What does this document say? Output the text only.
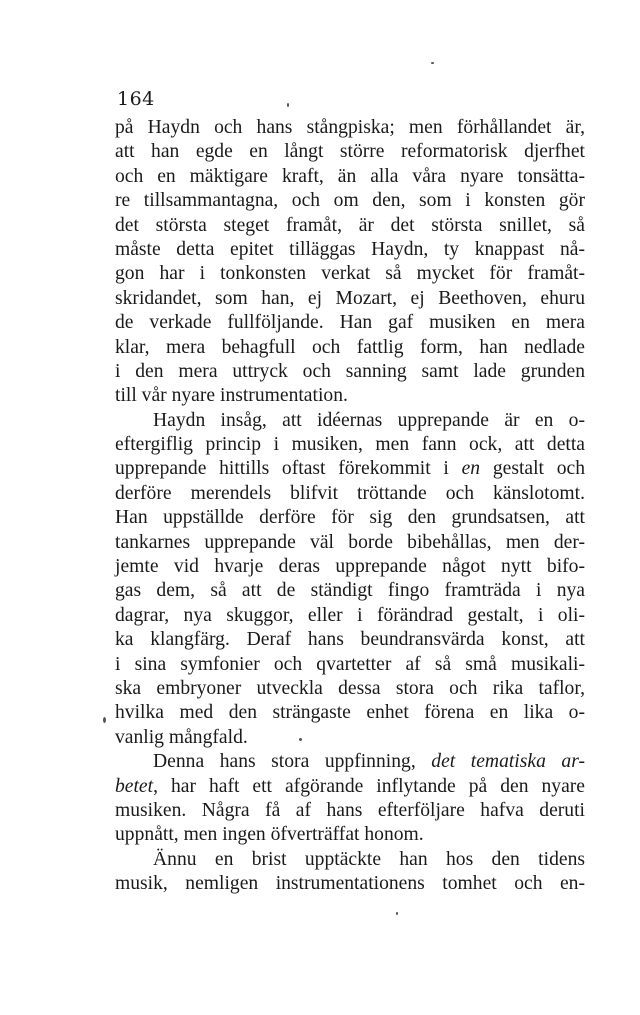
164
på Haydn och hans stångpiska; men förhållandet är,
att han egde en långt större reformatorisk djerfhet
och en mäktigare kraft, än alla våra nyare tonsätta-
re tillsammantagna, och om den, som i konsten gör
det största steget framåt, är det största snillet, så
måste detta epitet tilläggas Haydn, ty knappast nå-
gon har i tonkonsten verkat så mycket för framåt-
skridandet, som han, ej Mozart, ej Beethoven, ehuru
de verkade fullföljande. Han gaf musiken en mera
klar, mera behagfull och fattlig form, han nedlade
i den mera uttryck och sanning samt lade grunden
till vår nyare instrumentation.
Haydn insåg, att idéernas upprepande är en o-
eftergiflig princip i musiken, men fann ock, att detta
upprepande hittills oftast förekommit i en gestalt och
derföre merendels blifvit tröttande och känslotomt.
Han uppställde derföre för sig den grundsatsen, att
tankarnes upprepande väl borde bibehållas, men der-
jemte vid hvarje deras upprepande något nytt bifo-
gas dem, så att de ständigt fingo framträda i nya
dagrar, nya skuggor, eller i förändrad gestalt, i oli-
ka klangfärg. Deraf hans beundransvärda konst, att
i sina symfonier och qvartetter af så små musikali-
ska embryoner utveckla dessa stora och rika taflor,
hvilka med den strängaste enhet förena en lika o-
vanlig mångfald.
Denna hans stora uppfinning, det tematiska ar-
betet, har haft ett afgörande inflytande på den nyare
musiken. Några få af hans efterföljare hafva deruti
uppnått, men ingen öfverträffat honom.
Ännu en brist upptäckte han hos den tidens
musik, nemligen instrumentationens tomhet och en-
